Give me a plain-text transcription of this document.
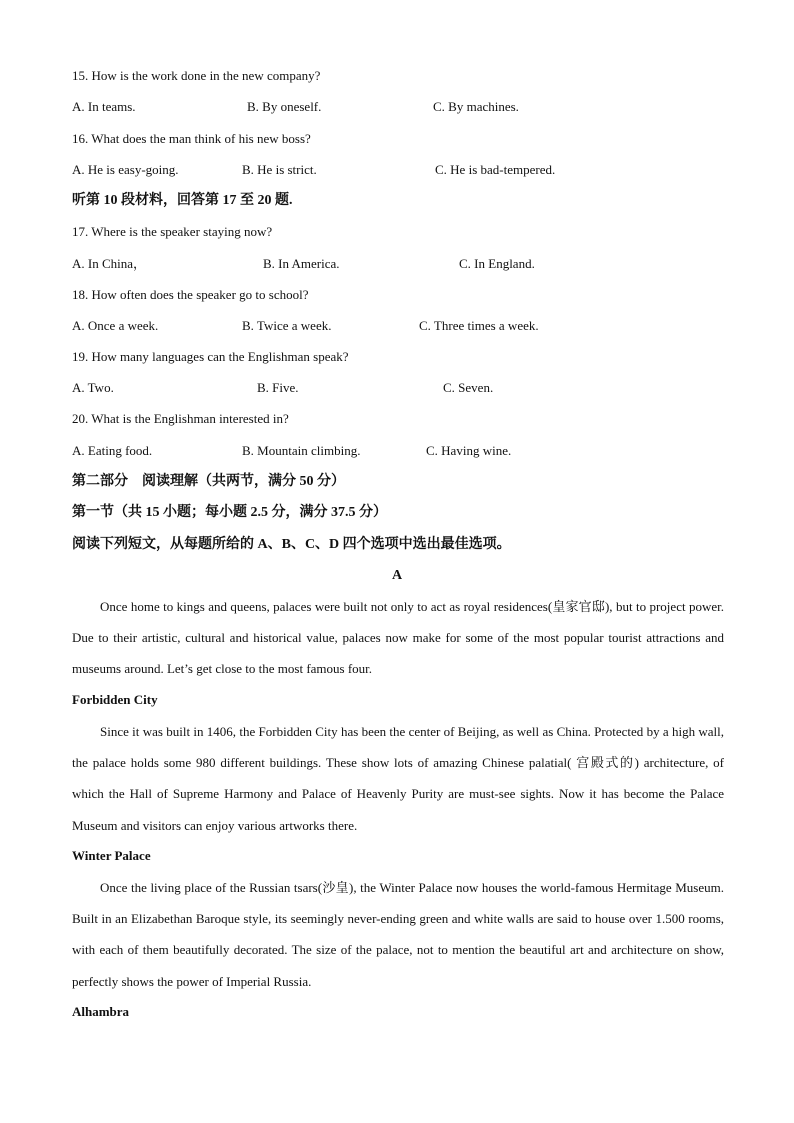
15. How is the work done in the new company?
A. In teams.	B. By oneself.	C. By machines.
16. What does the man think of his new boss?
A. He is easy-going.	B. He is strict.	C. He is bad-tempered.
听第 10 段材料，回答第 17 至 20 题.
17. Where is the speaker staying now?
A. In China，	B. In America.	C. In England.
18. How often does the speaker go to school?
A. Once a week.	B. Twice a week.	C. Three times a week.
19. How many languages can the Englishman speak?
A. Two.	B. Five.	C. Seven.
20. What is the Englishman interested in?
A. Eating food.	B. Mountain climbing.	C. Having wine.
第二部分　阅读理解（共两节，满分 50 分）
第一节（共 15 小题；每小题 2.5 分，满分 37.5 分）
阅读下列短文，从每题所给的 A、B、C、D 四个选项中选出最佳选项。
A

Once home to kings and queens, palaces were built not only to act as royal residences(皇家官邸), but to project power. Due to their artistic, cultural and historical value, palaces now make for some of the most popular tourist attractions and museums around. Let’s get close to the most famous four.

Forbidden City

Since it was built in 1406, the Forbidden City has been the center of Beijing, as well as China. Protected by a high wall, the palace holds some 980 different buildings. These show lots of amazing Chinese palatial( 宫殿式的) architecture, of which the Hall of Supreme Harmony and Palace of Heavenly Purity are must-see sights. Now it has become the Palace Museum and visitors can enjoy various artworks there.

Winter Palace

Once the living place of the Russian tsars(沙皇), the Winter Palace now houses the world-famous Hermitage Museum. Built in an Elizabethan Baroque style, its seemingly never-ending green and white walls are said to house over 1.500 rooms, with each of them beautifully decorated. The size of the palace, not to mention the beautiful art and architecture on show, perfectly shows the power of Imperial Russia.

Alhambra
